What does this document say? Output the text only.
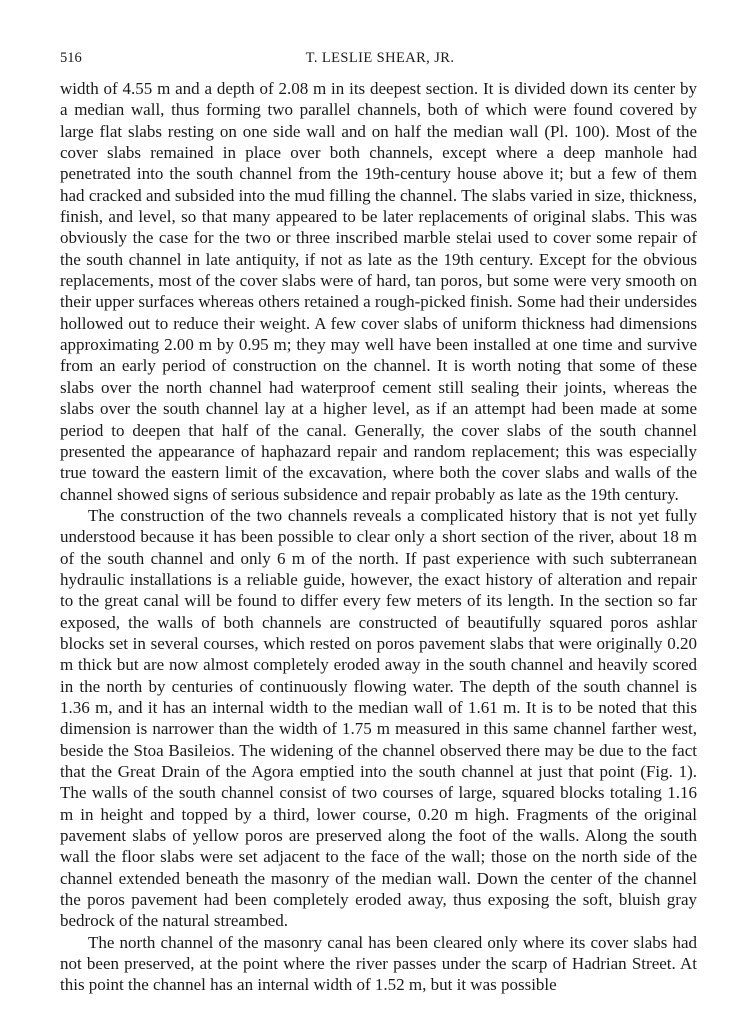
516	T. LESLIE SHEAR, JR.

width of 4.55 m and a depth of 2.08 m in its deepest section. It is divided down its center by a median wall, thus forming two parallel channels, both of which were found covered by large flat slabs resting on one side wall and on half the median wall (Pl. 100). Most of the cover slabs remained in place over both channels, except where a deep manhole had penetrated into the south channel from the 19th-century house above it; but a few of them had cracked and subsided into the mud filling the channel. The slabs varied in size, thickness, finish, and level, so that many appeared to be later replacements of original slabs. This was obviously the case for the two or three inscribed marble stelai used to cover some repair of the south channel in late antiquity, if not as late as the 19th century. Except for the obvious replacements, most of the cover slabs were of hard, tan poros, but some were very smooth on their upper surfaces whereas others retained a rough-picked finish. Some had their undersides hollowed out to reduce their weight. A few cover slabs of uniform thickness had dimensions approximating 2.00 m by 0.95 m; they may well have been installed at one time and survive from an early period of construction on the channel. It is worth noting that some of these slabs over the north channel had waterproof cement still sealing their joints, whereas the slabs over the south channel lay at a higher level, as if an attempt had been made at some period to deepen that half of the canal. Generally, the cover slabs of the south channel presented the appearance of haphazard repair and random replacement; this was especially true toward the eastern limit of the excavation, where both the cover slabs and walls of the channel showed signs of serious subsidence and repair probably as late as the 19th century.

The construction of the two channels reveals a complicated history that is not yet fully understood because it has been possible to clear only a short section of the river, about 18 m of the south channel and only 6 m of the north. If past experience with such subterranean hydraulic installations is a reliable guide, however, the exact history of alteration and repair to the great canal will be found to differ every few meters of its length. In the section so far exposed, the walls of both channels are constructed of beautifully squared poros ashlar blocks set in several courses, which rested on poros pavement slabs that were originally 0.20 m thick but are now almost completely eroded away in the south channel and heavily scored in the north by centuries of continuously flowing water. The depth of the south channel is 1.36 m, and it has an internal width to the median wall of 1.61 m. It is to be noted that this dimension is narrower than the width of 1.75 m measured in this same channel farther west, beside the Stoa Basileios. The widening of the channel observed there may be due to the fact that the Great Drain of the Agora emptied into the south channel at just that point (Fig. 1). The walls of the south channel consist of two courses of large, squared blocks totaling 1.16 m in height and topped by a third, lower course, 0.20 m high. Fragments of the original pavement slabs of yellow poros are preserved along the foot of the walls. Along the south wall the floor slabs were set adjacent to the face of the wall; those on the north side of the channel extended beneath the masonry of the median wall. Down the center of the channel the poros pavement had been completely eroded away, thus exposing the soft, bluish gray bedrock of the natural streambed.

The north channel of the masonry canal has been cleared only where its cover slabs had not been preserved, at the point where the river passes under the scarp of Hadrian Street. At this point the channel has an internal width of 1.52 m, but it was possible
